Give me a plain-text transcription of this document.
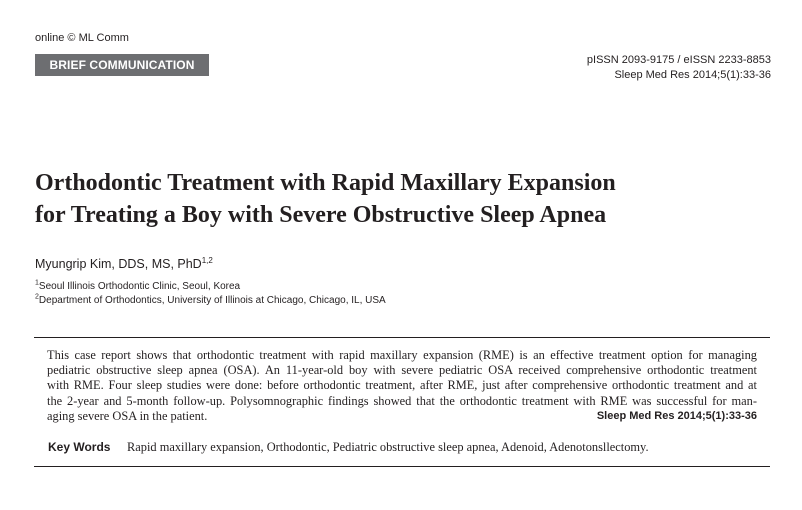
online © ML Comm
BRIEF COMMUNICATION	pISSN 2093-9175 / eISSN 2233-8853
Sleep Med Res 2014;5(1):33-36
Orthodontic Treatment with Rapid Maxillary Expansion
for Treating a Boy with Severe Obstructive Sleep Apnea
Myungrip Kim, DDS, MS, PhD$^{1,2}$
$^1$Seoul Illinois Orthodontic Clinic, Seoul, Korea
$^2$Department of Orthodontics, University of Illinois at Chicago, Chicago, IL, USA
This case report shows that orthodontic treatment with rapid maxillary expansion (RME) is an effective treatment option for managing
pediatric obstructive sleep apnea (OSA). An 11-year-old boy with severe pediatric OSA received comprehensive orthodontic treatment
with RME. Four sleep studies were done: before orthodontic treatment, after RME, just after comprehensive orthodontic treatment and at
the 2-year and 5-month follow-up. Polysomnographic findings showed that the orthodontic treatment with RME was successful for man-
aging severe OSA in the patient.	Sleep Med Res 2014;5(1):33-36
Key Words Rapid maxillary expansion, Orthodontic, Pediatric obstructive sleep apnea, Adenoid, Adenotonsllectomy.
